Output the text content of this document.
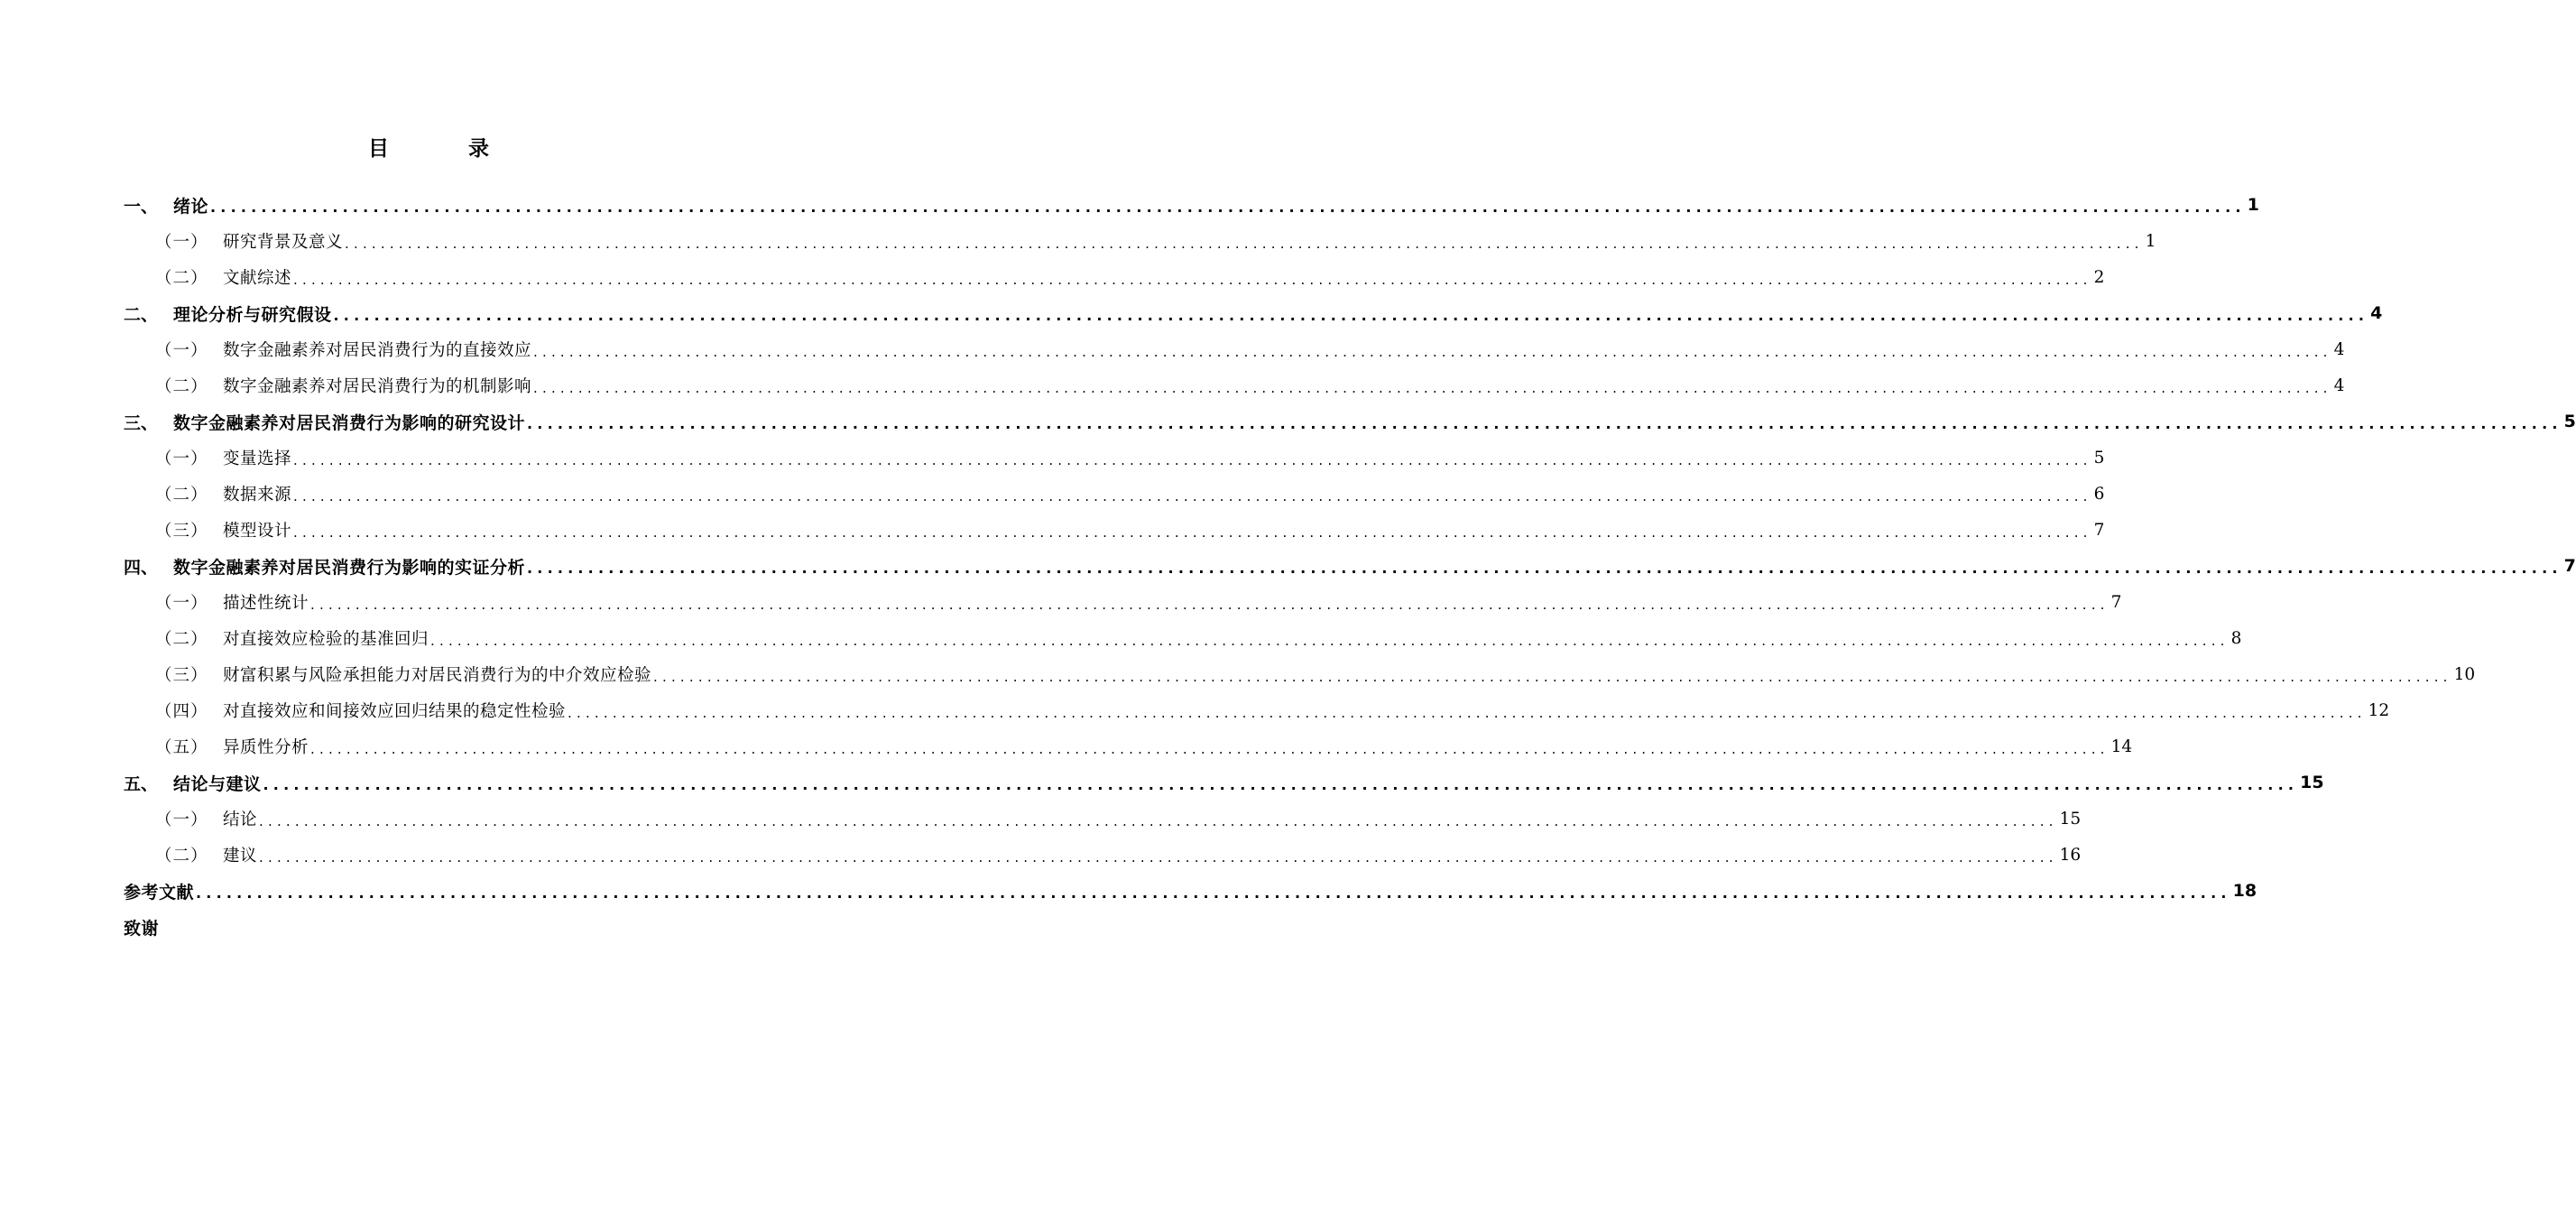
目 录
一、 绪论 ........................................................................................................................................................................................................ 1
（一） 研究背景及意义 ........................................................................................................................................................................................................ 1
（二） 文献综述 ........................................................................................................................................................................................................ 2
二、 理论分析与研究假设 ........................................................................................................................................................................................................ 4
（一） 数字金融素养对居民消费行为的直接效应 ........................................................................................................................................................................................................ 4
（二） 数字金融素养对居民消费行为的机制影响 ........................................................................................................................................................................................................ 4
三、 数字金融素养对居民消费行为影响的研究设计 ........................................................................................................................................................................................................ 5
（一） 变量选择 ........................................................................................................................................................................................................ 5
（二） 数据来源 ........................................................................................................................................................................................................ 6
（三） 模型设计 ........................................................................................................................................................................................................ 7
四、 数字金融素养对居民消费行为影响的实证分析 ........................................................................................................................................................................................................ 7
（一） 描述性统计 ........................................................................................................................................................................................................ 7
（二） 对直接效应检验的基准回归 ........................................................................................................................................................................................................ 8
（三） 财富积累与风险承担能力对居民消费行为的中介效应检验 ........................................................................................................................................................................................................ 10
（四） 对直接效应和间接效应回归结果的稳定性检验 ........................................................................................................................................................................................................ 12
（五） 异质性分析 ........................................................................................................................................................................................................ 14
五、 结论与建议 ........................................................................................................................................................................................................ 15
（一） 结论 ........................................................................................................................................................................................................ 15
（二） 建议 ........................................................................................................................................................................................................ 16
参考文献 ........................................................................................................................................................................................................ 18
致谢
